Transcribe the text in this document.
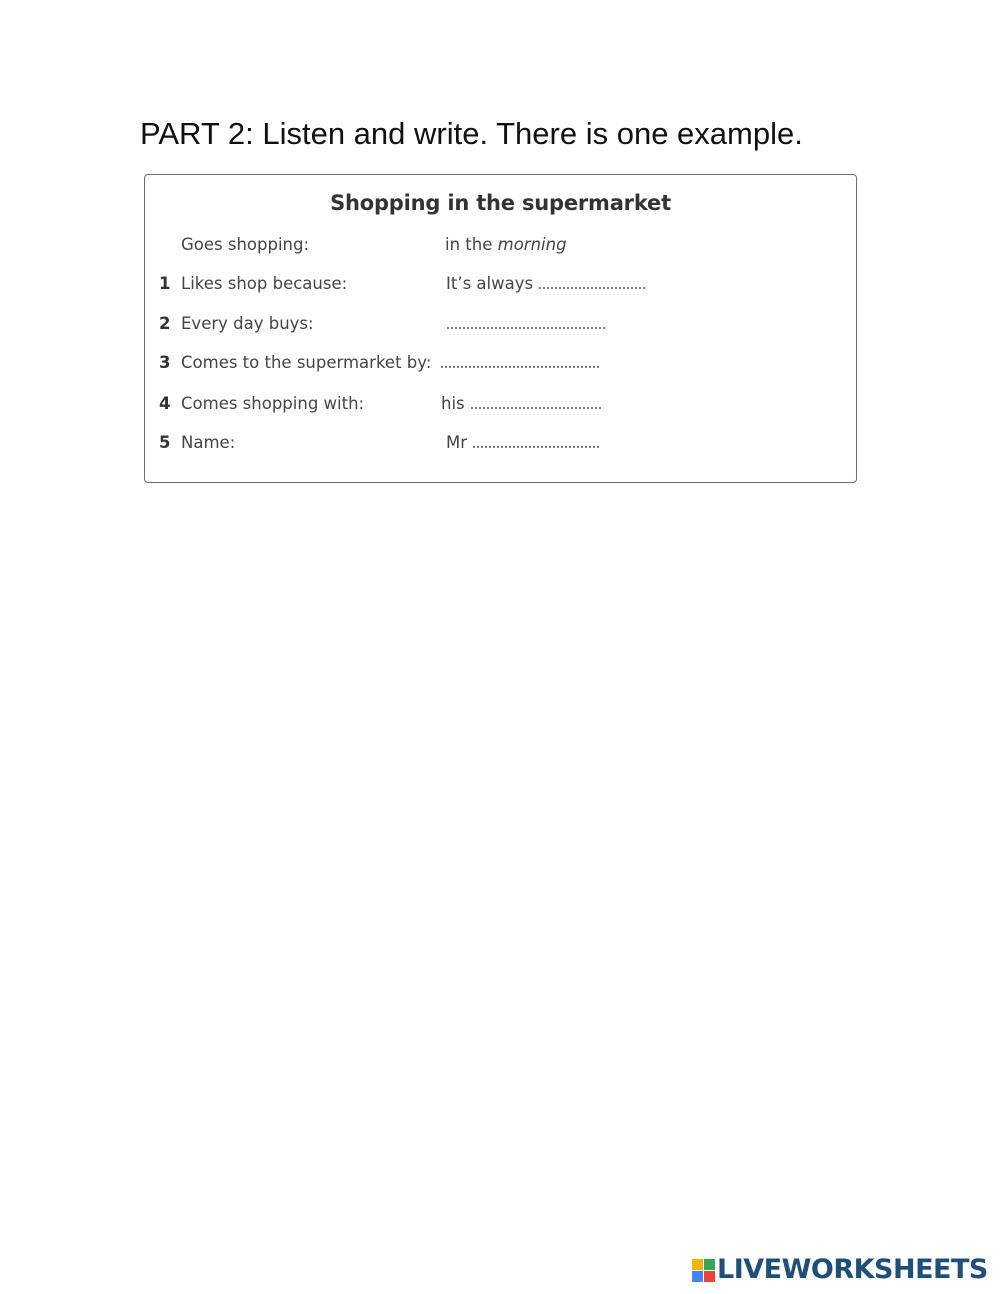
PART 2: Listen and write. There is one example.
Shopping in the supermarket
Goes shopping:	in the morning
1 Likes shop because:	It’s always
2 Every day buys:
3 Comes to the supermarket by:
4 Comes shopping with:	his
5 Name:	Mr
LIVEWORKSHEETS
